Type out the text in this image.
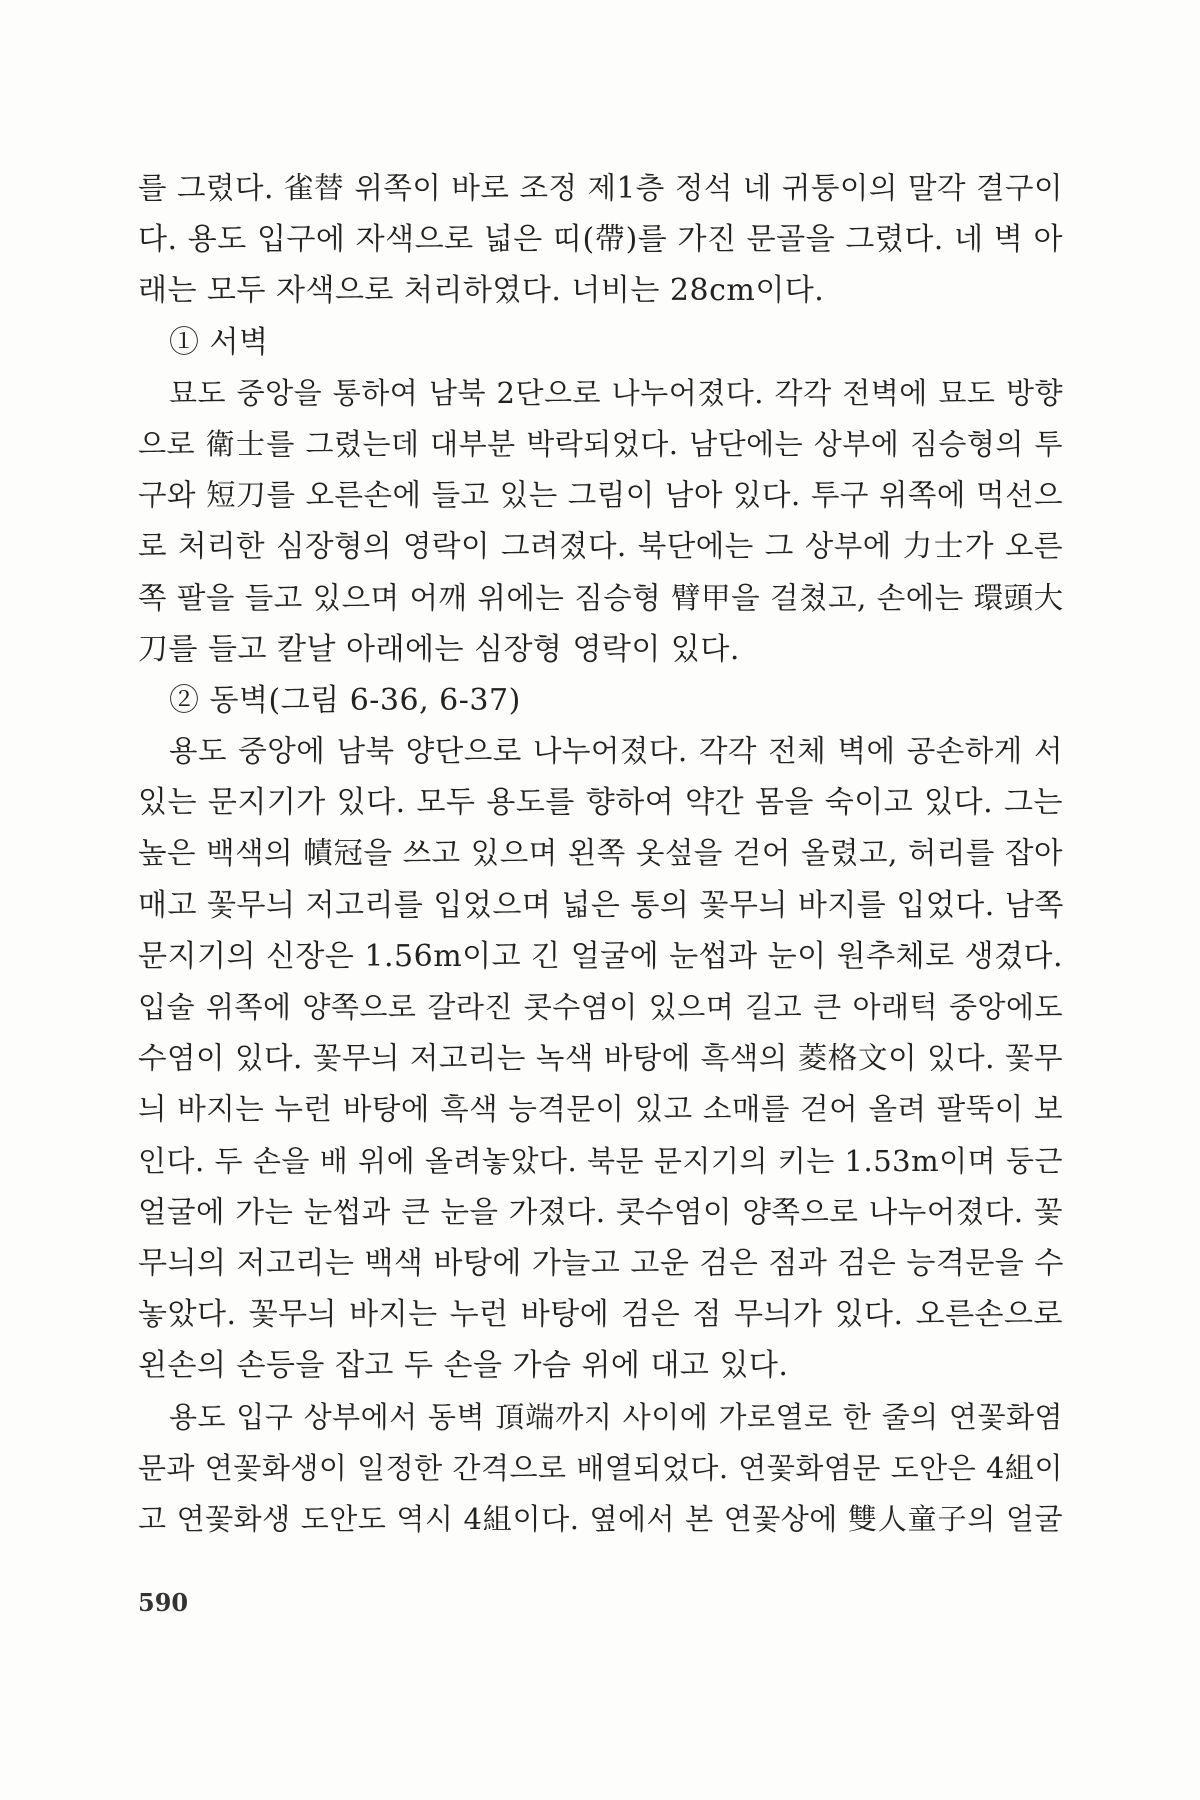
를 그렸다. 雀替 위쪽이 바로 조정 제1층 정석 네 귀퉁이의 말각 결구이
다. 용도 입구에 자색으로 넓은 띠(帶)를 가진 문골을 그렸다. 네 벽 아
래는 모두 자색으로 처리하였다. 너비는 28cm이다.
① 서벽
묘도 중앙을 통하여 남북 2단으로 나누어졌다. 각각 전벽에 묘도 방향
으로 衛士를 그렸는데 대부분 박락되었다. 남단에는 상부에 짐승형의 투
구와 短刀를 오른손에 들고 있는 그림이 남아 있다. 투구 위쪽에 먹선으
로 처리한 심장형의 영락이 그려졌다. 북단에는 그 상부에 力士가 오른
쪽 팔을 들고 있으며 어깨 위에는 짐승형 臂甲을 걸쳤고, 손에는 環頭大
刀를 들고 칼날 아래에는 심장형 영락이 있다.
② 동벽(그림 6-36, 6-37)
용도 중앙에 남북 양단으로 나누어졌다. 각각 전체 벽에 공손하게 서
있는 문지기가 있다. 모두 용도를 향하여 약간 몸을 숙이고 있다. 그는
높은 백색의 幘冠을 쓰고 있으며 왼쪽 옷섶을 걷어 올렸고, 허리를 잡아
매고 꽃무늬 저고리를 입었으며 넓은 통의 꽃무늬 바지를 입었다. 남쪽
문지기의 신장은 1.56m이고 긴 얼굴에 눈썹과 눈이 원추체로 생겼다.
입술 위쪽에 양쪽으로 갈라진 콧수염이 있으며 길고 큰 아래턱 중앙에도
수염이 있다. 꽃무늬 저고리는 녹색 바탕에 흑색의 菱格文이 있다. 꽃무
늬 바지는 누런 바탕에 흑색 능격문이 있고 소매를 걷어 올려 팔뚝이 보
인다. 두 손을 배 위에 올려놓았다. 북문 문지기의 키는 1.53m이며 둥근
얼굴에 가는 눈썹과 큰 눈을 가졌다. 콧수염이 양쪽으로 나누어졌다. 꽃
무늬의 저고리는 백색 바탕에 가늘고 고운 검은 점과 검은 능격문을 수
놓았다. 꽃무늬 바지는 누런 바탕에 검은 점 무늬가 있다. 오른손으로
왼손의 손등을 잡고 두 손을 가슴 위에 대고 있다.
용도 입구 상부에서 동벽 頂端까지 사이에 가로열로 한 줄의 연꽃화염
문과 연꽃화생이 일정한 간격으로 배열되었다. 연꽃화염문 도안은 4組이
고 연꽃화생 도안도 역시 4組이다. 옆에서 본 연꽃상에 雙人童子의 얼굴
590
